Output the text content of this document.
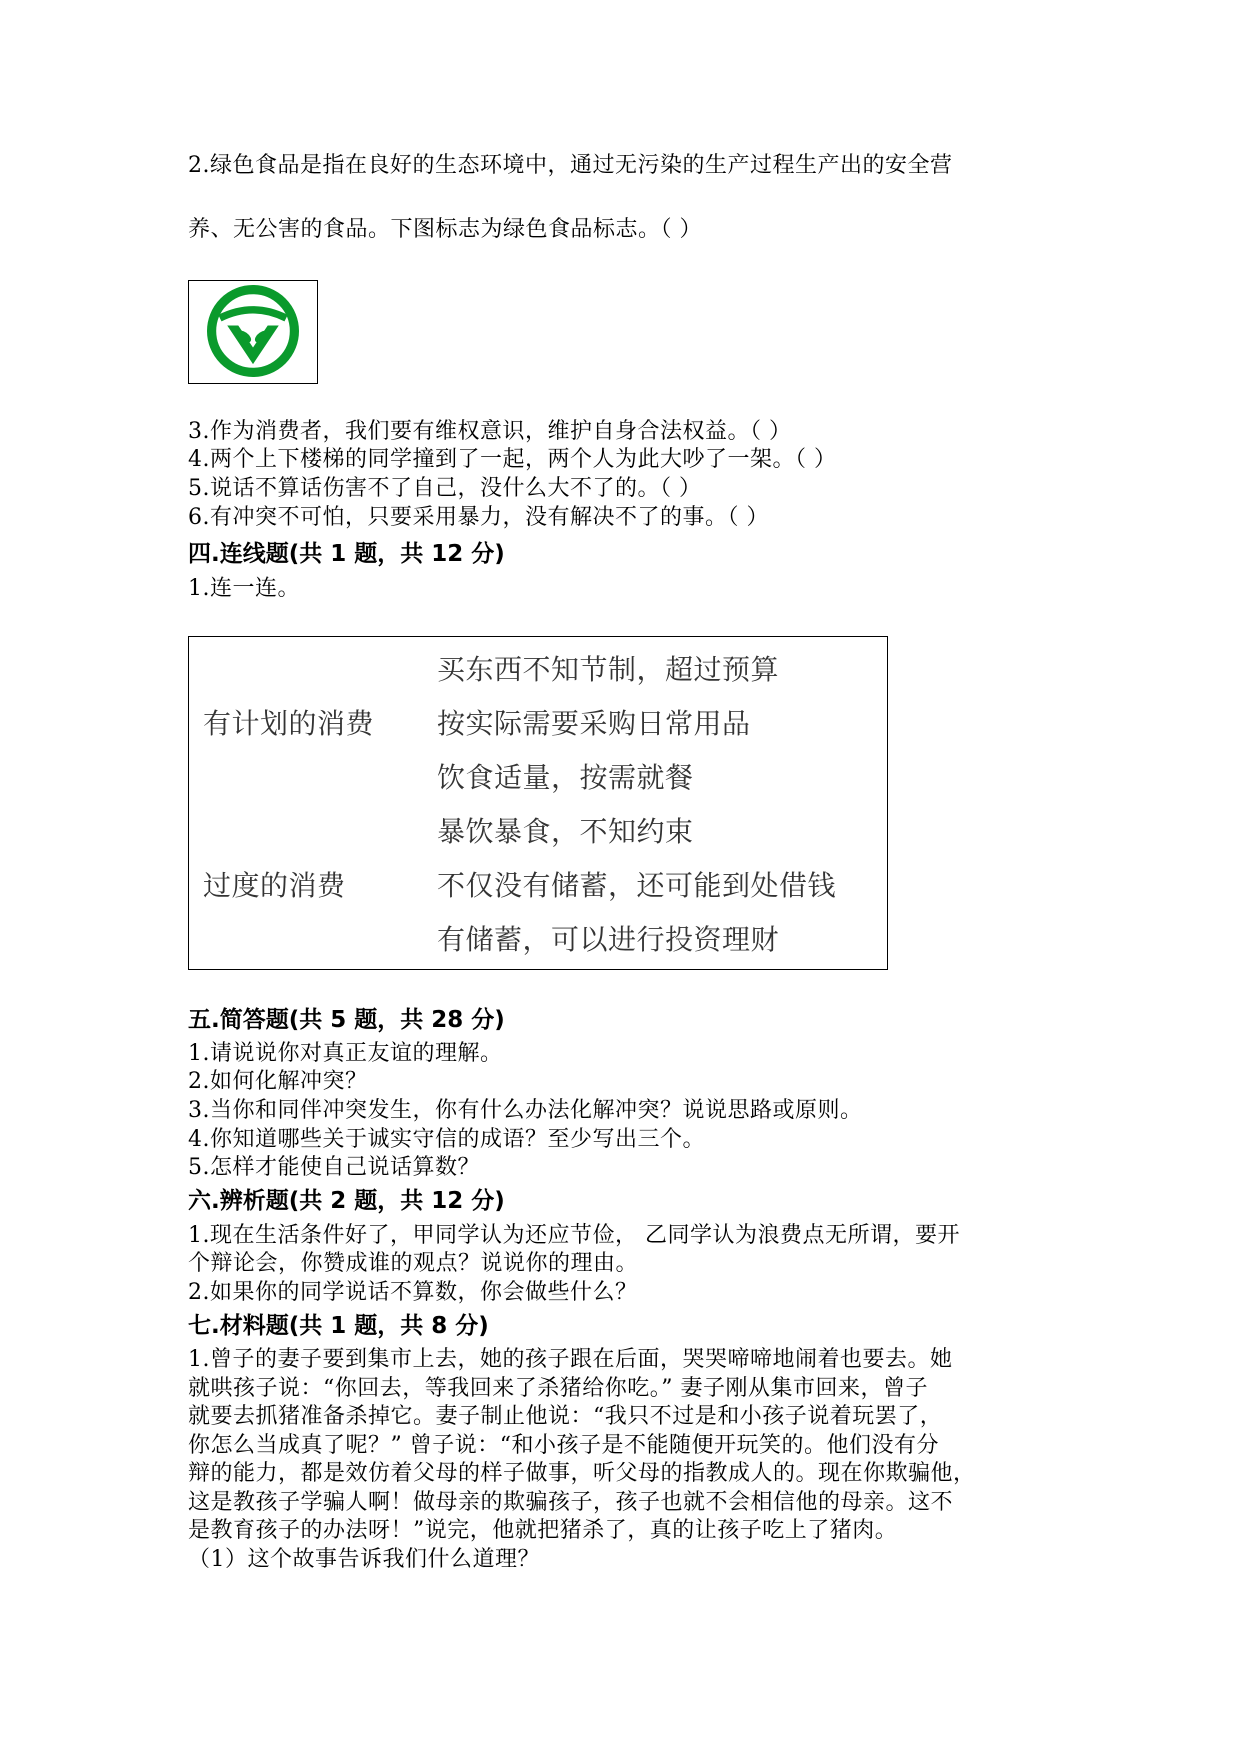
2.绿色食品是指在良好的生态环境中，通过无污染的生产过程生产出的安全营
养、无公害的食品。下图标志为绿色食品标志。（ ）
3.作为消费者，我们要有维权意识，维护自身合法权益。（ ）
4.两个上下楼梯的同学撞到了一起，两个人为此大吵了一架。（ ）
5.说话不算话伤害不了自己，没什么大不了的。（ ）
6.有冲突不可怕，只要采用暴力，没有解决不了的事。（ ）
四.连线题(共 1 题，共 12 分)
1.连一连。
有计划的消费
过度的消费
买东西不知节制，超过预算
按实际需要采购日常用品
饮食适量，按需就餐
暴饮暴食，不知约束
不仅没有储蓄，还可能到处借钱
有储蓄，可以进行投资理财
五.简答题(共 5 题，共 28 分)
1.请说说你对真正友谊的理解。
2.如何化解冲突？
3.当你和同伴冲突发生，你有什么办法化解冲突？说说思路或原则。
4.你知道哪些关于诚实守信的成语？至少写出三个。
5.怎样才能使自己说话算数？
六.辨析题(共 2 题，共 12 分)
1.现在生活条件好了，甲同学认为还应节俭， 乙同学认为浪费点无所谓，要开
个辩论会，你赞成谁的观点？说说你的理由。
2.如果你的同学说话不算数，你会做些什么？
七.材料题(共 1 题，共 8 分)
1.曾子的妻子要到集市上去，她的孩子跟在后面，哭哭啼啼地闹着也要去。她
就哄孩子说：“你回去，等我回来了杀猪给你吃。” 妻子刚从集市回来，曾子
就要去抓猪准备杀掉它。妻子制止他说：“我只不过是和小孩子说着玩罢了，
你怎么当成真了呢？” 曾子说：“和小孩子是不能随便开玩笑的。他们没有分
辩的能力，都是效仿着父母的样子做事，听父母的指教成人的。现在你欺骗他，
这是教孩子学骗人啊！做母亲的欺骗孩子，孩子也就不会相信他的母亲。这不
是教育孩子的办法呀！”说完，他就把猪杀了，真的让孩子吃上了猪肉。
（1）这个故事告诉我们什么道理？
